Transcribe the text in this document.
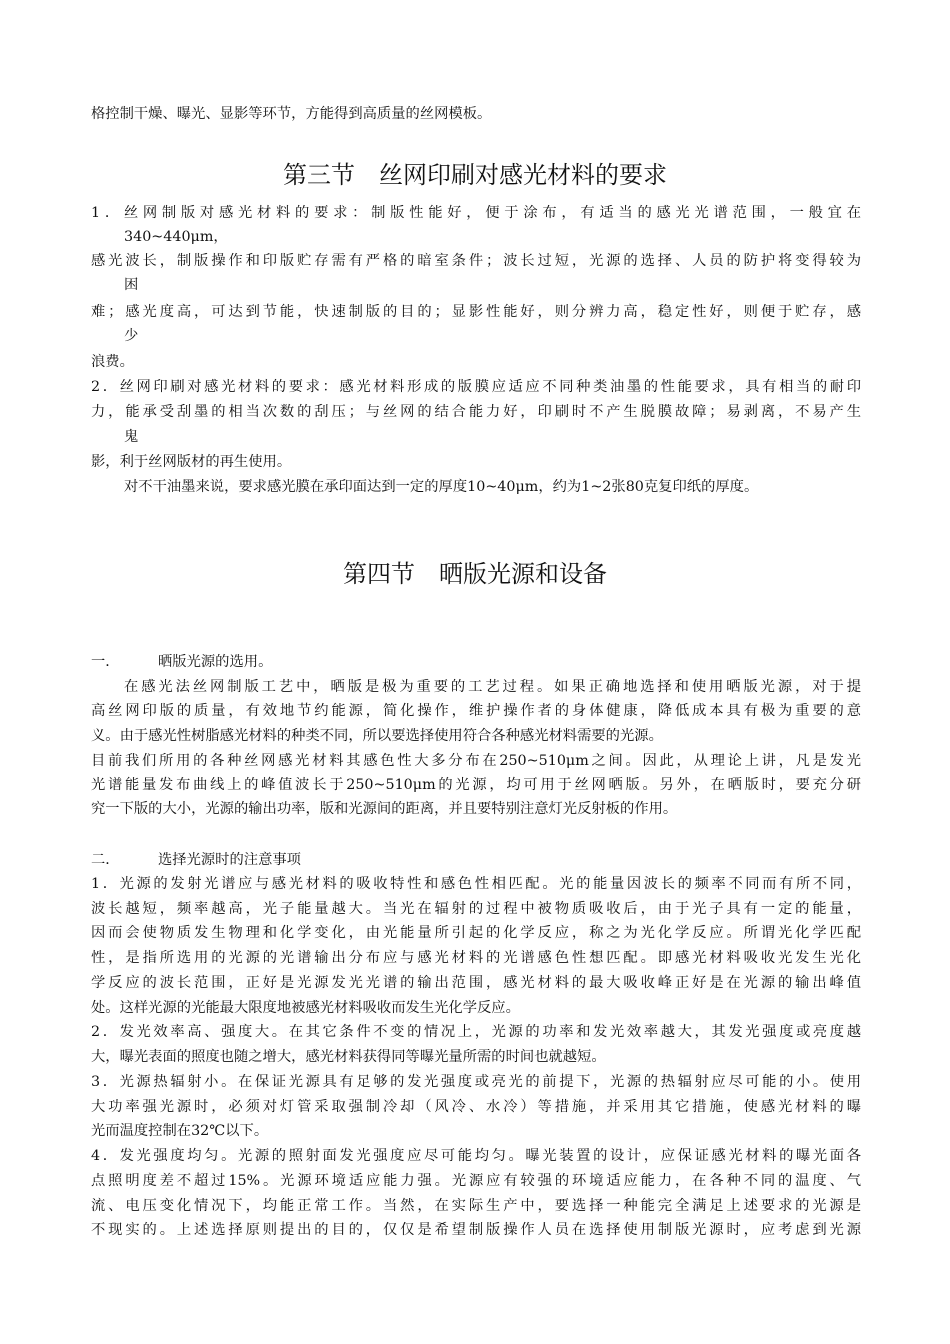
格控制干燥、曝光、显影等环节，方能得到高质量的丝网模板。
第三节 丝网印刷对感光材料的要求
1．丝网制版对感光材料的要求：制版性能好，便于涂布，有适当的感光光谱范围，一般宜在
340~440μm，
感光波长，制版操作和印版贮存需有严格的暗室条件；波长过短，光源的选择、人员的防护将变得较为
困
难；感光度高，可达到节能，快速制版的目的；显影性能好，则分辨力高，稳定性好，则便于贮存，感
少
浪费。
2．丝网印刷对感光材料的要求：感光材料形成的版膜应适应不同种类油墨的性能要求，具有相当的耐印
力，能承受刮墨的相当次数的刮压；与丝网的结合能力好，印刷时不产生脱膜故障；易剥离，不易产生
鬼
影，利于丝网版材的再生使用。
对不干油墨来说，要求感光膜在承印面达到一定的厚度10~40μm，约为1~2张80克复印纸的厚度。
第四节 晒版光源和设备
一．	晒版光源的选用。
在感光法丝网制版工艺中，晒版是极为重要的工艺过程。如果正确地选择和使用晒版光源，对于提
高丝网印版的质量，有效地节约能源，简化操作，维护操作者的身体健康，降低成本具有极为重要的意
义。由于感光性树脂感光材料的种类不同，所以要选择使用符合各种感光材料需要的光源。
目前我们所用的各种丝网感光材料其感色性大多分布在250~510μm之间。因此，从理论上讲，凡是发光
光谱能量发布曲线上的峰值波长于250~510μm的光源，均可用于丝网晒版。另外，在晒版时，要充分研
究一下版的大小，光源的输出功率，版和光源间的距离，并且要特别注意灯光反射板的作用。
二．	选择光源时的注意事项
1．光源的发射光谱应与感光材料的吸收特性和感色性相匹配。光的能量因波长的频率不同而有所不同，
波长越短，频率越高，光子能量越大。当光在辐射的过程中被物质吸收后，由于光子具有一定的能量，
因而会使物质发生物理和化学变化，由光能量所引起的化学反应，称之为光化学反应。所谓光化学匹配
性，是指所选用的光源的光谱输出分布应与感光材料的光谱感色性想匹配。即感光材料吸收光发生光化
学反应的波长范围，正好是光源发光光谱的输出范围，感光材料的最大吸收峰正好是在光源的输出峰值
处。这样光源的光能最大限度地被感光材料吸收而发生光化学反应。
2．发光效率高、强度大。在其它条件不变的情况上，光源的功率和发光效率越大，其发光强度或亮度越
大，曝光表面的照度也随之增大，感光材料获得同等曝光量所需的时间也就越短。
3．光源热辐射小。在保证光源具有足够的发光强度或亮光的前提下，光源的热辐射应尽可能的小。使用
大功率强光源时，必须对灯管采取强制冷却（风冷、水冷）等措施，并采用其它措施，使感光材料的曝
光而温度控制在32℃以下。
4．发光强度均匀。光源的照射面发光强度应尽可能均匀。曝光装置的设计，应保证感光材料的曝光面各
点照明度差不超过15%。光源环境适应能力强。光源应有较强的环境适应能力，在各种不同的温度、气
流、电压变化情况下，均能正常工作。当然，在实际生产中，要选择一种能完全满足上述要求的光源是
不现实的。上述选择原则提出的目的，仅仅是希望制版操作人员在选择使用制版光源时，应考虑到光源
